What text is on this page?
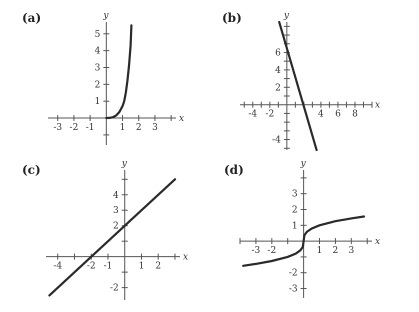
(a)
x
y
-3 -2 -1	1 2 3
1
2
3
4
5
(b)
x
y
-4 -2	4 6 8
-4
2
4
6
(c)
x
y
-4	-2 -1	1 2
-2
2
3
4
(d)
x
y
-3 -2	1 2 3
-3
-2
1
2
3
